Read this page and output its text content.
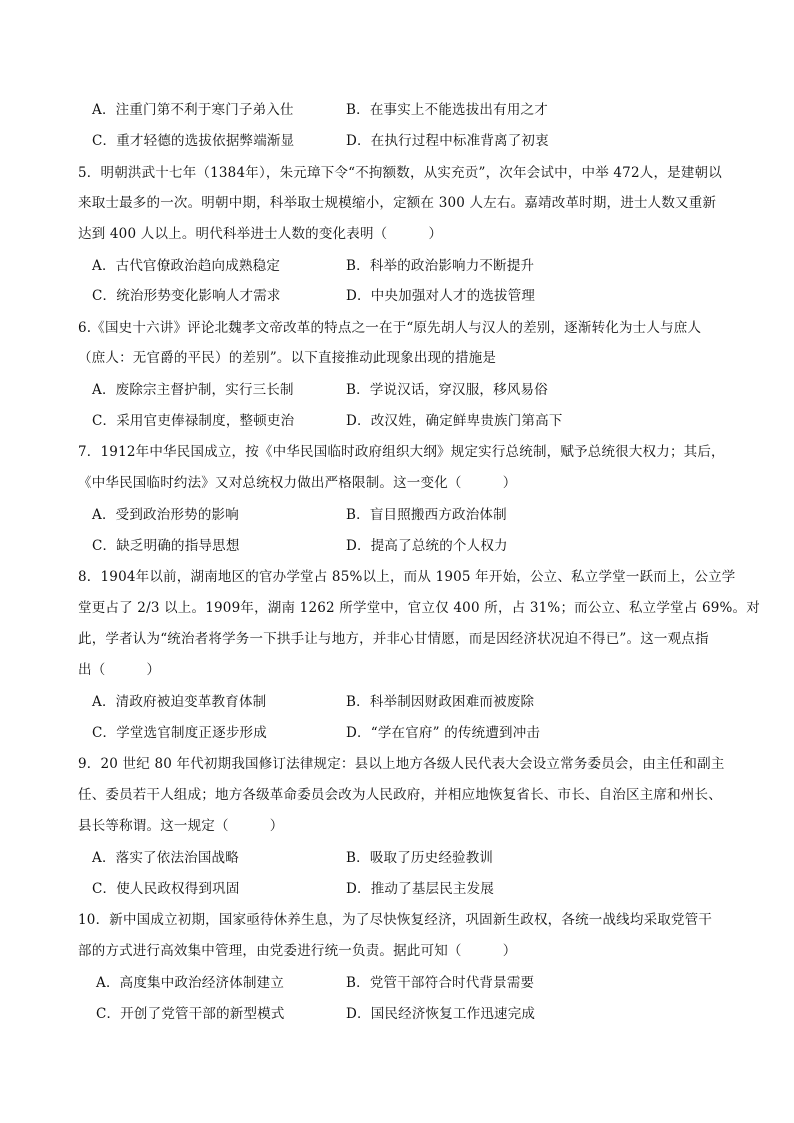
A．注重门第不利于寒门子弟入仕	B．在事实上不能选拔出有用之才
C．重才轻德的选拔依据弊端渐显	D．在执行过程中标准背离了初衷
5．明朝洪武十七年（1384年），朱元璋下令“不拘额数，从实充贡”，次年会试中，中举 472人，是建朝以
来取士最多的一次。明朝中期，科举取士规模缩小，定额在 300 人左右。嘉靖改革时期，进士人数又重新
达到 400 人以上。明代科举进士人数的变化表明（　　　）
A．古代官僚政治趋向成熟稳定	B．科举的政治影响力不断提升
C．统治形势变化影响人才需求	D．中央加强对人才的选拔管理
6.《国史十六讲》评论北魏孝文帝改革的特点之一在于“原先胡人与汉人的差别，逐渐转化为士人与庶人
（庶人：无官爵的平民）的差别”。以下直接推动此现象出现的措施是
A．废除宗主督护制，实行三长制	B．学说汉话，穿汉服，移风易俗
C．采用官吏俸禄制度，整顿吏治	D．改汉姓，确定鲜卑贵族门第高下
7．1912年中华民国成立，按《中华民国临时政府组织大纲》规定实行总统制，赋予总统很大权力；其后，
《中华民国临时约法》又对总统权力做出严格限制。这一变化（　　　）
A．受到政治形势的影响	B．盲目照搬西方政治体制
C．缺乏明确的指导思想	D．提高了总统的个人权力
8．1904年以前，湖南地区的官办学堂占 85%以上，而从 1905 年开始，公立、私立学堂一跃而上，公立学
堂更占了 2/3 以上。1909年，湖南 1262 所学堂中，官立仅 400 所，占 31%；而公立、私立学堂占 69%。对
此，学者认为“统治者将学务一下拱手让与地方，并非心甘情愿，而是因经济状况迫不得已”。这一观点指
出（　　　）
A．清政府被迫变革教育体制	B．科举制因财政困难而被废除
C．学堂选官制度正逐步形成	D．“学在官府” 的传统遭到冲击
9．20 世纪 80 年代初期我国修订法律规定：县以上地方各级人民代表大会设立常务委员会，由主任和副主
任、委员若干人组成；地方各级革命委员会改为人民政府，并相应地恢复省长、市长、自治区主席和州长、
县长等称谓。这一规定（　　　）
A．落实了依法治国战略	B．吸取了历史经验教训
C．使人民政权得到巩固	D．推动了基层民主发展
10．新中国成立初期，国家亟待休养生息，为了尽快恢复经济，巩固新生政权，各统一战线均采取党管干
部的方式进行高效集中管理，由党委进行统一负责。据此可知（　　　）
A．高度集中政治经济体制建立	B．党管干部符合时代背景需要
C．开创了党管干部的新型模式	D．国民经济恢复工作迅速完成
